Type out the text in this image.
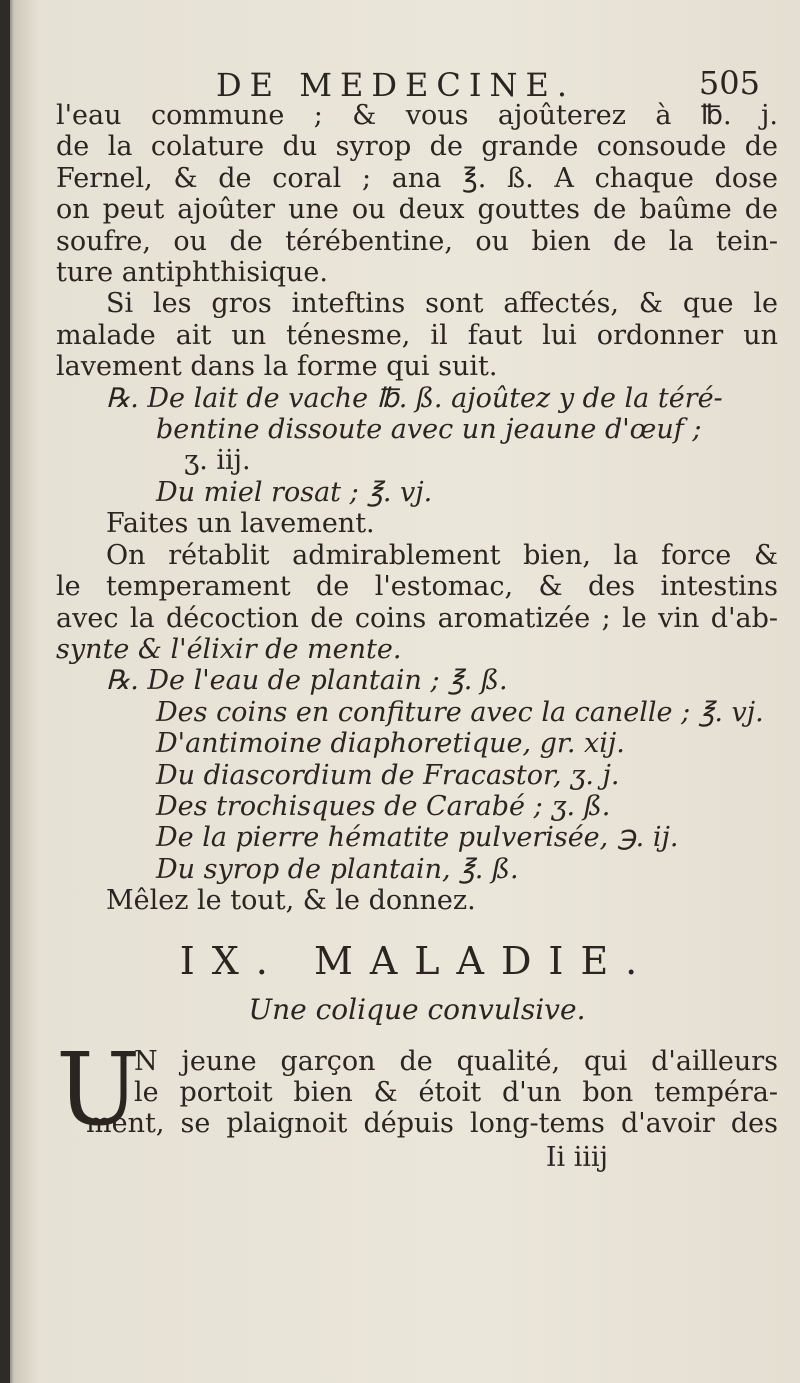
DE MEDECINE.	505
l'eau commune ; & vous ajoûterez à ℔. j.
de la colature du syrop de grande consoude de
Fernel, & de coral ; ana ℥. ß. A chaque dose
on peut ajoûter une ou deux gouttes de baûme de
soufre, ou de térébentine, ou bien de la tein-
ture antiphthisique.
Si les gros inteftins sont affectés, & que le
malade ait un ténesme, il faut lui ordonner un
lavement dans la forme qui suit.
℞. De lait de vache ℔. ß. ajoûtez y de la téré-
bentine dissoute avec un jeaune d'œuf ;
ʒ. iij.
Du miel rosat ; ℥. vj.
Faites un lavement.
On rétablit admirablement bien, la force &
le temperament de l'estomac, & des intestins
avec la décoction de coins aromatizée ; le vin d'ab-
synte & l'élixir de mente.
℞. De l'eau de plantain ; ℥. ß.
Des coins en confiture avec la canelle ; ℥. vj.
D'antimoine diaphoretique, gr. xij.
Du diascordium de Fracastor, ʒ. j.
Des trochisques de Carabé ; ʒ. ß.
De la pierre hématite pulverisée, ℈. ij.
Du syrop de plantain, ℥. ß.
Mêlez le tout, & le donnez.
IX. MALADIE.
Une colique convulsive.
U
N jeune garçon de qualité, qui d'ailleurs
le portoit bien & étoit d'un bon tempéra-
ment, se plaignoit dépuis long-tems d'avoir des
Ii iiij
